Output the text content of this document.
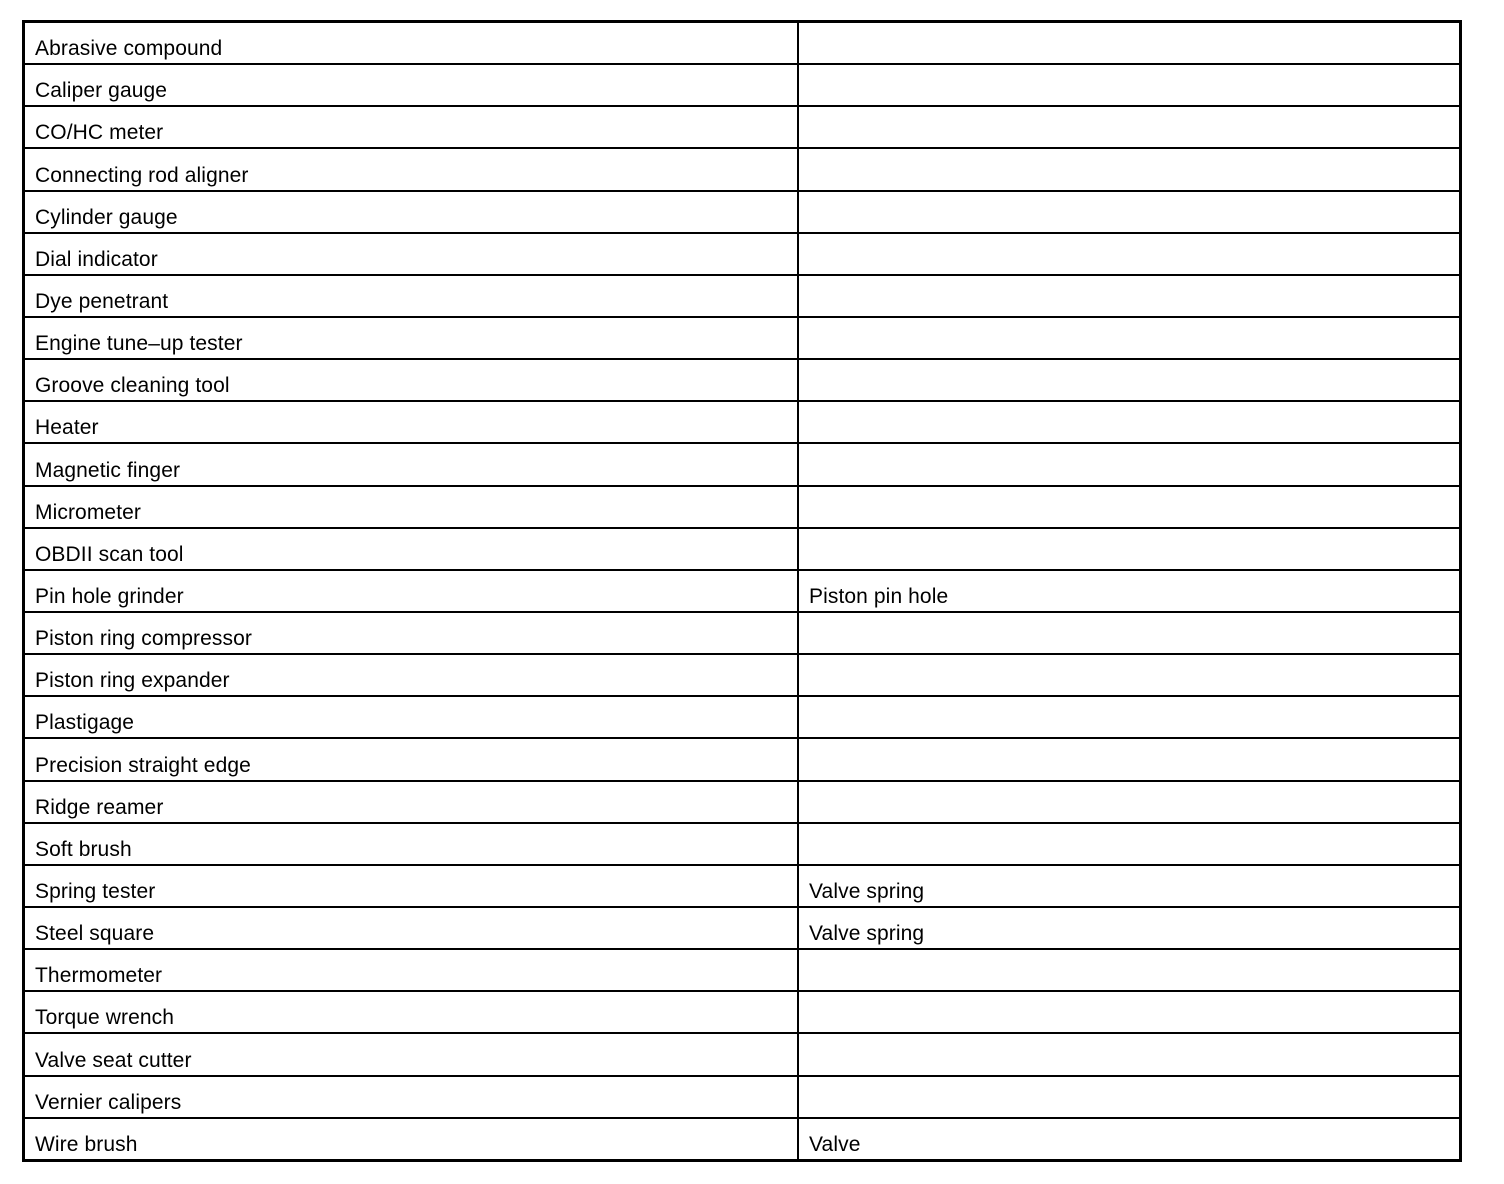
Abrasive compound	
Caliper gauge	
CO/HC meter	
Connecting rod aligner	
Cylinder gauge	
Dial indicator	
Dye penetrant	
Engine tune–up tester	
Groove cleaning tool	
Heater	
Magnetic finger	
Micrometer	
OBDII scan tool	
Pin hole grinder	Piston pin hole
Piston ring compressor	
Piston ring expander	
Plastigage	
Precision straight edge	
Ridge reamer	
Soft brush	
Spring tester	Valve spring
Steel square	Valve spring
Thermometer	
Torque wrench	
Valve seat cutter	
Vernier calipers	
Wire brush	Valve
